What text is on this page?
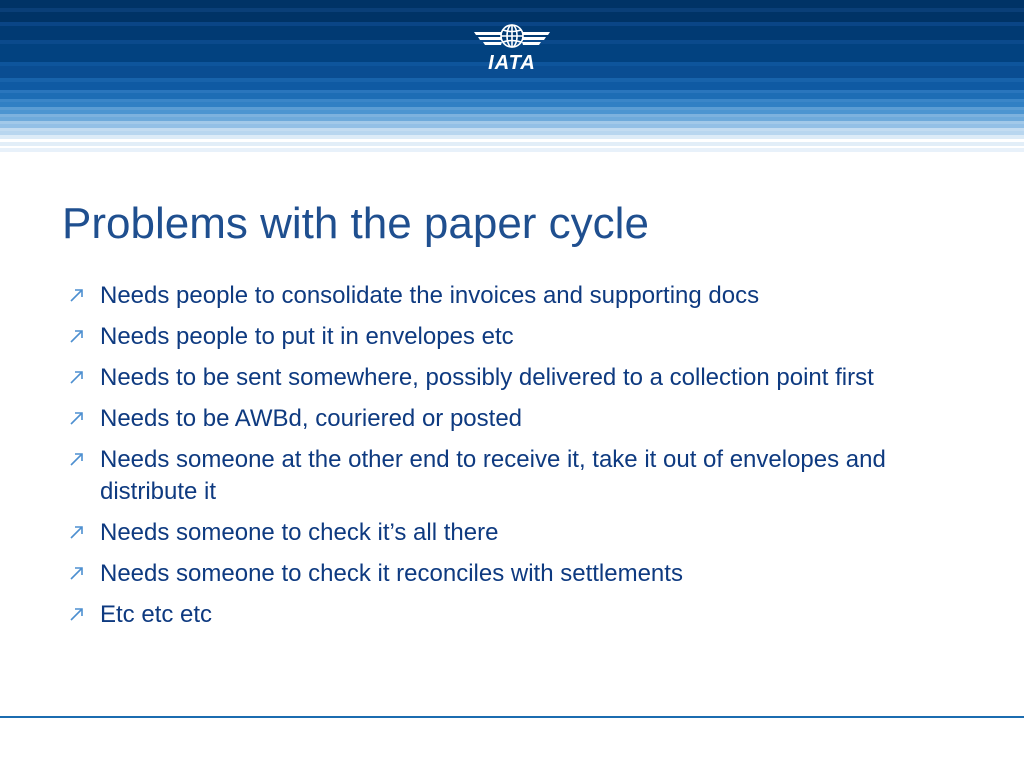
IATA
Problems with the paper cycle
Needs people to consolidate the invoices and supporting docs
Needs people to put it in envelopes etc
Needs to be sent somewhere, possibly delivered to a collection point first
Needs to be AWBd, couriered or posted
Needs someone at the other end to receive it, take it out of envelopes and distribute it
Needs someone to check it’s all there
Needs someone to check it reconciles with settlements
Etc etc etc
